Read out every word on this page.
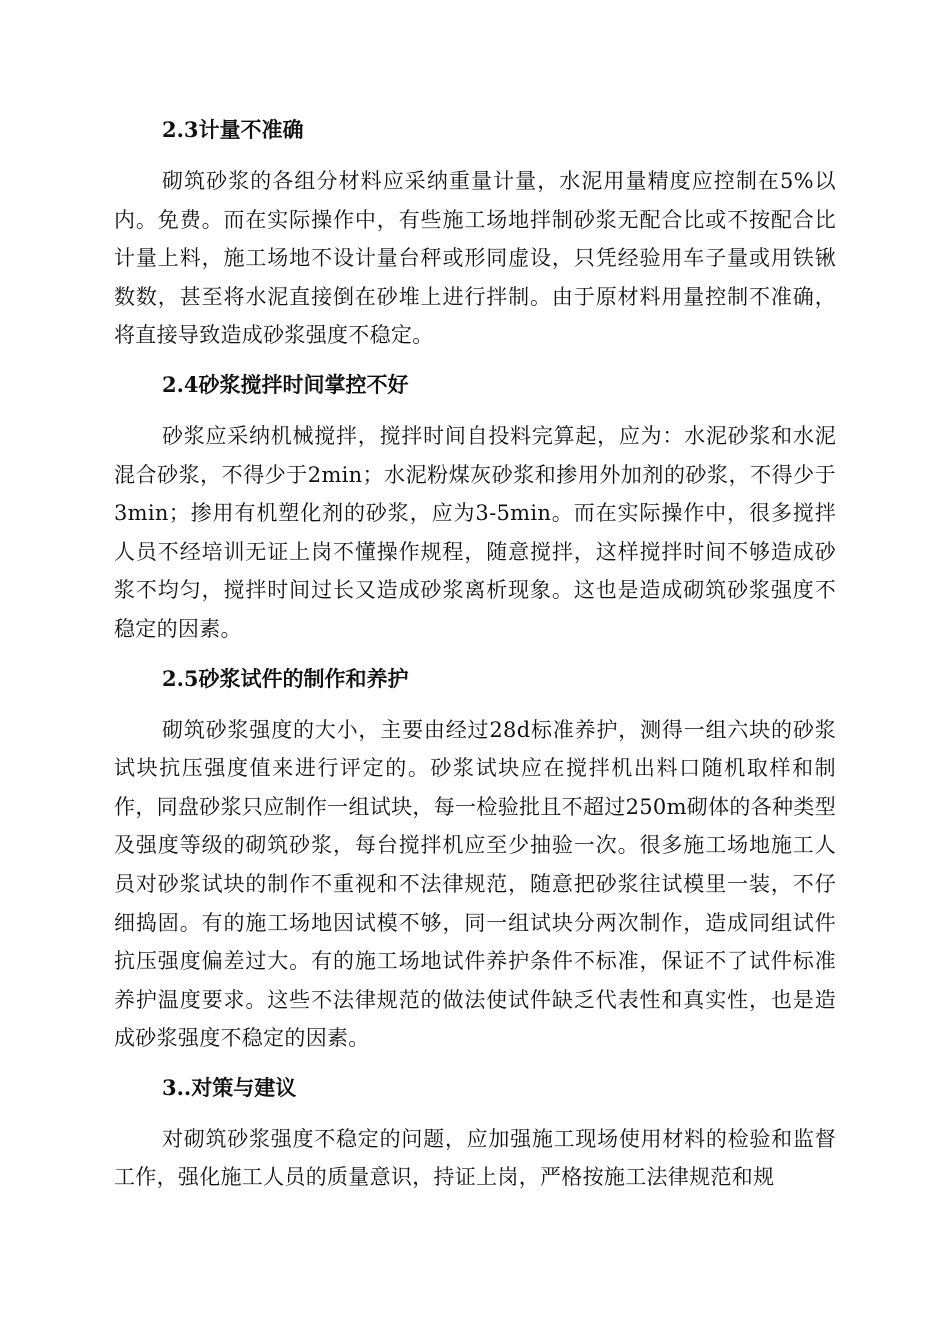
2.3计量不准确

砌筑砂浆的各组分材料应采纳重量计量，水泥用量精度应控制在5%以内。免费。而在实际操作中，有些施工场地拌制砂浆无配合比或不按配合比计量上料，施工场地不设计量台秤或形同虚设，只凭经验用车子量或用铁锹数数，甚至将水泥直接倒在砂堆上进行拌制。由于原材料用量控制不准确，将直接导致造成砂浆强度不稳定。

2.4砂浆搅拌时间掌控不好

砂浆应采纳机械搅拌，搅拌时间自投料完算起，应为：水泥砂浆和水泥混合砂浆，不得少于2min；水泥粉煤灰砂浆和掺用外加剂的砂浆，不得少于3min；掺用有机塑化剂的砂浆，应为3-5min。而在实际操作中，很多搅拌人员不经培训无证上岗不懂操作规程，随意搅拌，这样搅拌时间不够造成砂浆不均匀，搅拌时间过长又造成砂浆离析现象。这也是造成砌筑砂浆强度不稳定的因素。

2.5砂浆试件的制作和养护

砌筑砂浆强度的大小，主要由经过28d标准养护，测得一组六块的砂浆试块抗压强度值来进行评定的。砂浆试块应在搅拌机出料口随机取样和制作，同盘砂浆只应制作一组试块，每一检验批且不超过250m砌体的各种类型及强度等级的砌筑砂浆，每台搅拌机应至少抽验一次。很多施工场地施工人员对砂浆试块的制作不重视和不法律规范，随意把砂浆往试模里一装，不仔细捣固。有的施工场地因试模不够，同一组试块分两次制作，造成同组试件抗压强度偏差过大。有的施工场地试件养护条件不标准，保证不了试件标准养护温度要求。这些不法律规范的做法使试件缺乏代表性和真实性，也是造成砂浆强度不稳定的因素。

3..对策与建议

对砌筑砂浆强度不稳定的问题，应加强施工现场使用材料的检验和监督工作，强化施工人员的质量意识，持证上岗，严格按施工法律规范和规
